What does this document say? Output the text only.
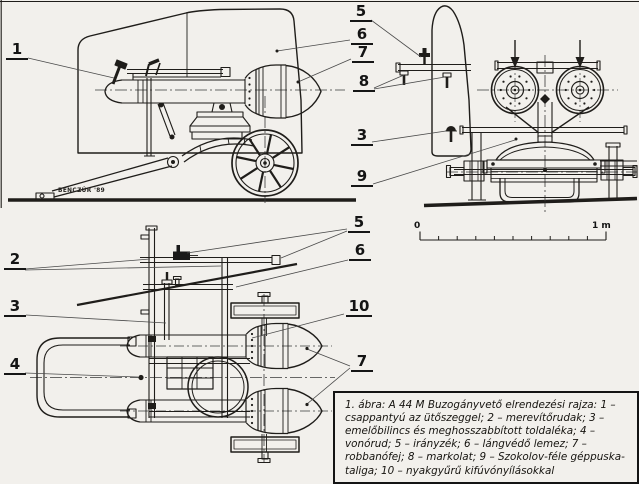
1
2
3
4
5
6
7
8
3
9
5
6
10
7
0	1 m
BENCZÚR '89
1. ábra: A 44 M Buzogányvető elrendezési rajza: 1 – csappantyú az ütőszeggel; 2 – merevítőrudak; 3 – emelőbilincs és meghosszabbított toldaléka; 4 – vonórud; 5 – irányzék; 6 – lángvédő lemez; 7 – robbanófej; 8 – markolat; 9 – Szokolov-féle géppuska-taliga; 10 – nyakgyűrű kifúvónyílásokkal
